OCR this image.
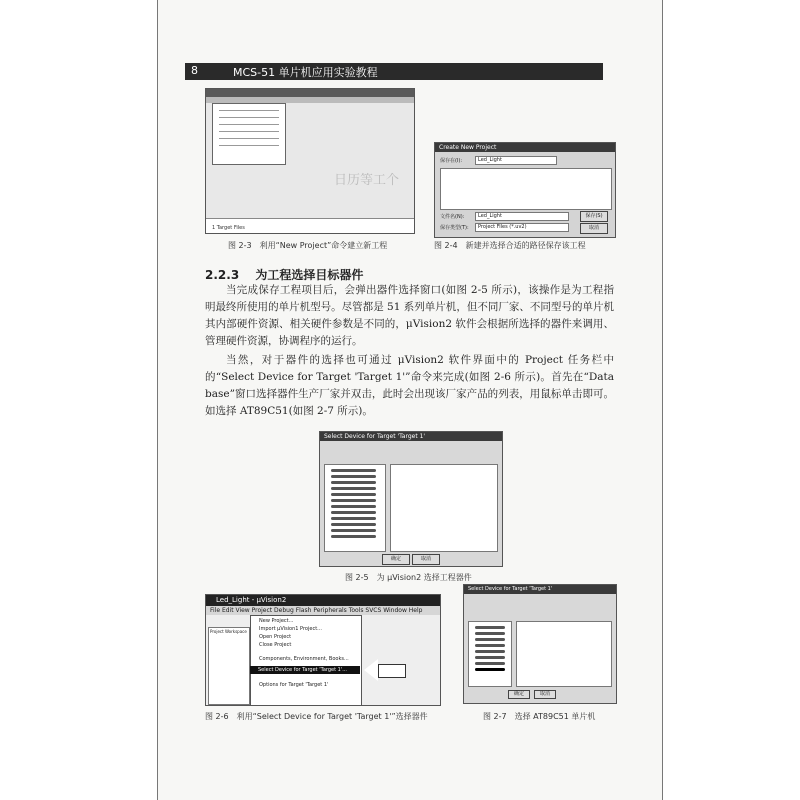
8	MCS-51 单片机应用实验教程
日历等工个
1 Target Files
图 2-3　利用“New Project”命令建立新工程
Create New Project
保存在(I):	Led_Light
文件名(N):	Led_Light
保存类型(T):	Project Files (*.uv2)
保存(S)
取消
图 2-4　新建并选择合适的路径保存该工程
2.2.3 为工程选择目标器件

当完成保存工程项目后，会弹出器件选择窗口(如图 2-5 所示)，该操作是为工程指明最终所使用的单片机型号。尽管都是 51 系列单片机，但不同厂家、不同型号的单片机其内部硬件资源、相关硬件参数是不同的，μVision2 软件会根据所选择的器件来调用、管理硬件资源，协调程序的运行。

当然，对于器件的选择也可通过 μVision2 软件界面中的 Project 任务栏中的“Select Device for Target 'Target 1'”命令来完成(如图 2-6 所示)。首先在“Data base”窗口选择器件生产厂家并双击，此时会出现该厂家产品的列表，用鼠标单击即可。如选择 AT89C51(如图 2-7 所示)。

Select Device for Target 'Target 1'
确定	取消
图 2-5　为 μVision2 选择工程器件
Led_Light - μVision2
File Edit View Project Debug Flash Peripherals Tools SVCS Window Help
Project Workspace
New Project...
Import μVision1 Project...
Open Project
Close Project
Components, Environment, Books...
Options for Target 'Target 1'
Select Device for Target 'Target 1'...
图 2-6　利用“Select Device for Target 'Target 1'”选择器件
Select Device for Target 'Target 1'
确定	取消
图 2-7　选择 AT89C51 单片机
